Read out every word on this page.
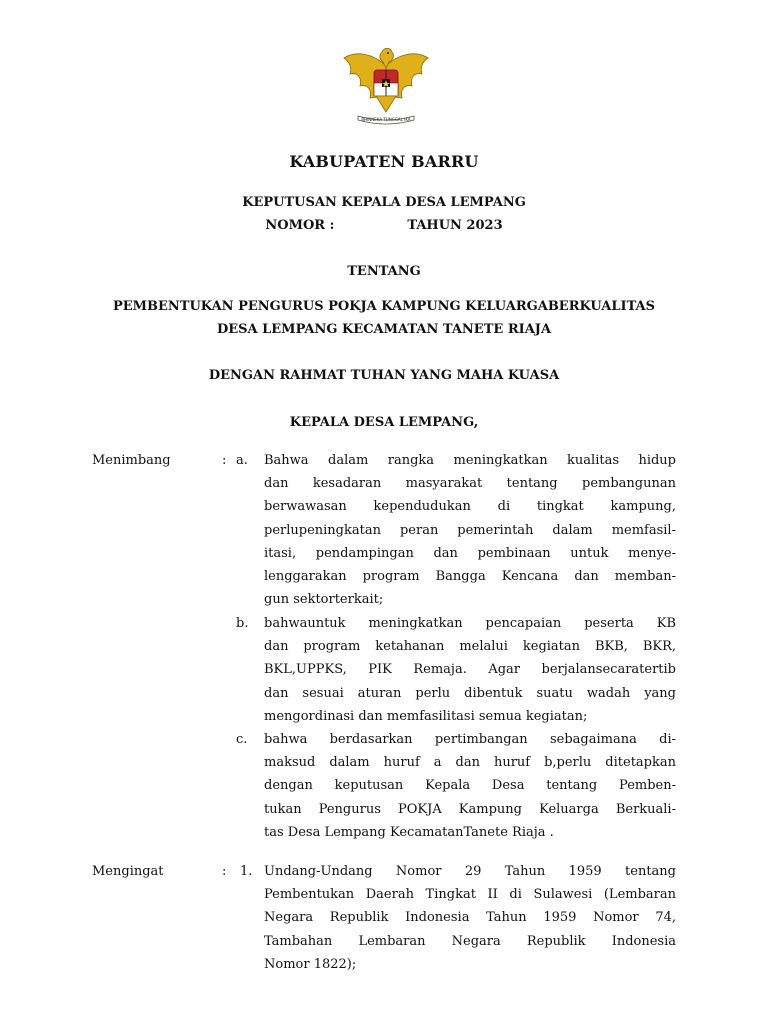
BHINNEKA TUNGGAL IKA
KABUPATEN BARRU
KEPUTUSAN KEPALA DESA LEMPANG
NOMOR :	TAHUN 2023
TENTANG
PEMBENTUKAN PENGURUS POKJA KAMPUNG KELUARGABERKUALITAS
DESA LEMPANG KECAMATAN TANETE RIAJA
DENGAN RAHMAT TUHAN YANG MAHA KUASA
KEPALA DESA LEMPANG,
Menimbang	: a. Bahwa dalam rangka meningkatkan kualitas hidup
dan kesadaran masyarakat tentang pembangunan
berwawasan kependudukan di tingkat kampung,
perlupeningkatan peran pemerintah dalam memfasil-
itasi, pendampingan dan pembinaan untuk menye-
lenggarakan program Bangga Kencana dan memban-
gun sektorterkait;
b. bahwauntuk meningkatkan pencapaian peserta KB
dan program ketahanan melalui kegiatan BKB, BKR,
BKL,UPPKS, PIK Remaja. Agar berjalansecaratertib
dan sesuai aturan perlu dibentuk suatu wadah yang
mengordinasi dan memfasilitasi semua kegiatan;
c. bahwa berdasarkan pertimbangan sebagaimana di-
maksud dalam huruf a dan huruf b,perlu ditetapkan
dengan keputusan Kepala Desa tentang Pemben-
tukan Pengurus POKJA Kampung Keluarga Berkuali-
tas Desa Lempang KecamatanTanete Riaja .
Mengingat	: 1. Undang-Undang Nomor 29 Tahun 1959 tentang
Pembentukan Daerah Tingkat II di Sulawesi (Lembaran
Negara Republik Indonesia Tahun 1959 Nomor 74,
Tambahan Lembaran Negara Republik Indonesia
Nomor 1822);
